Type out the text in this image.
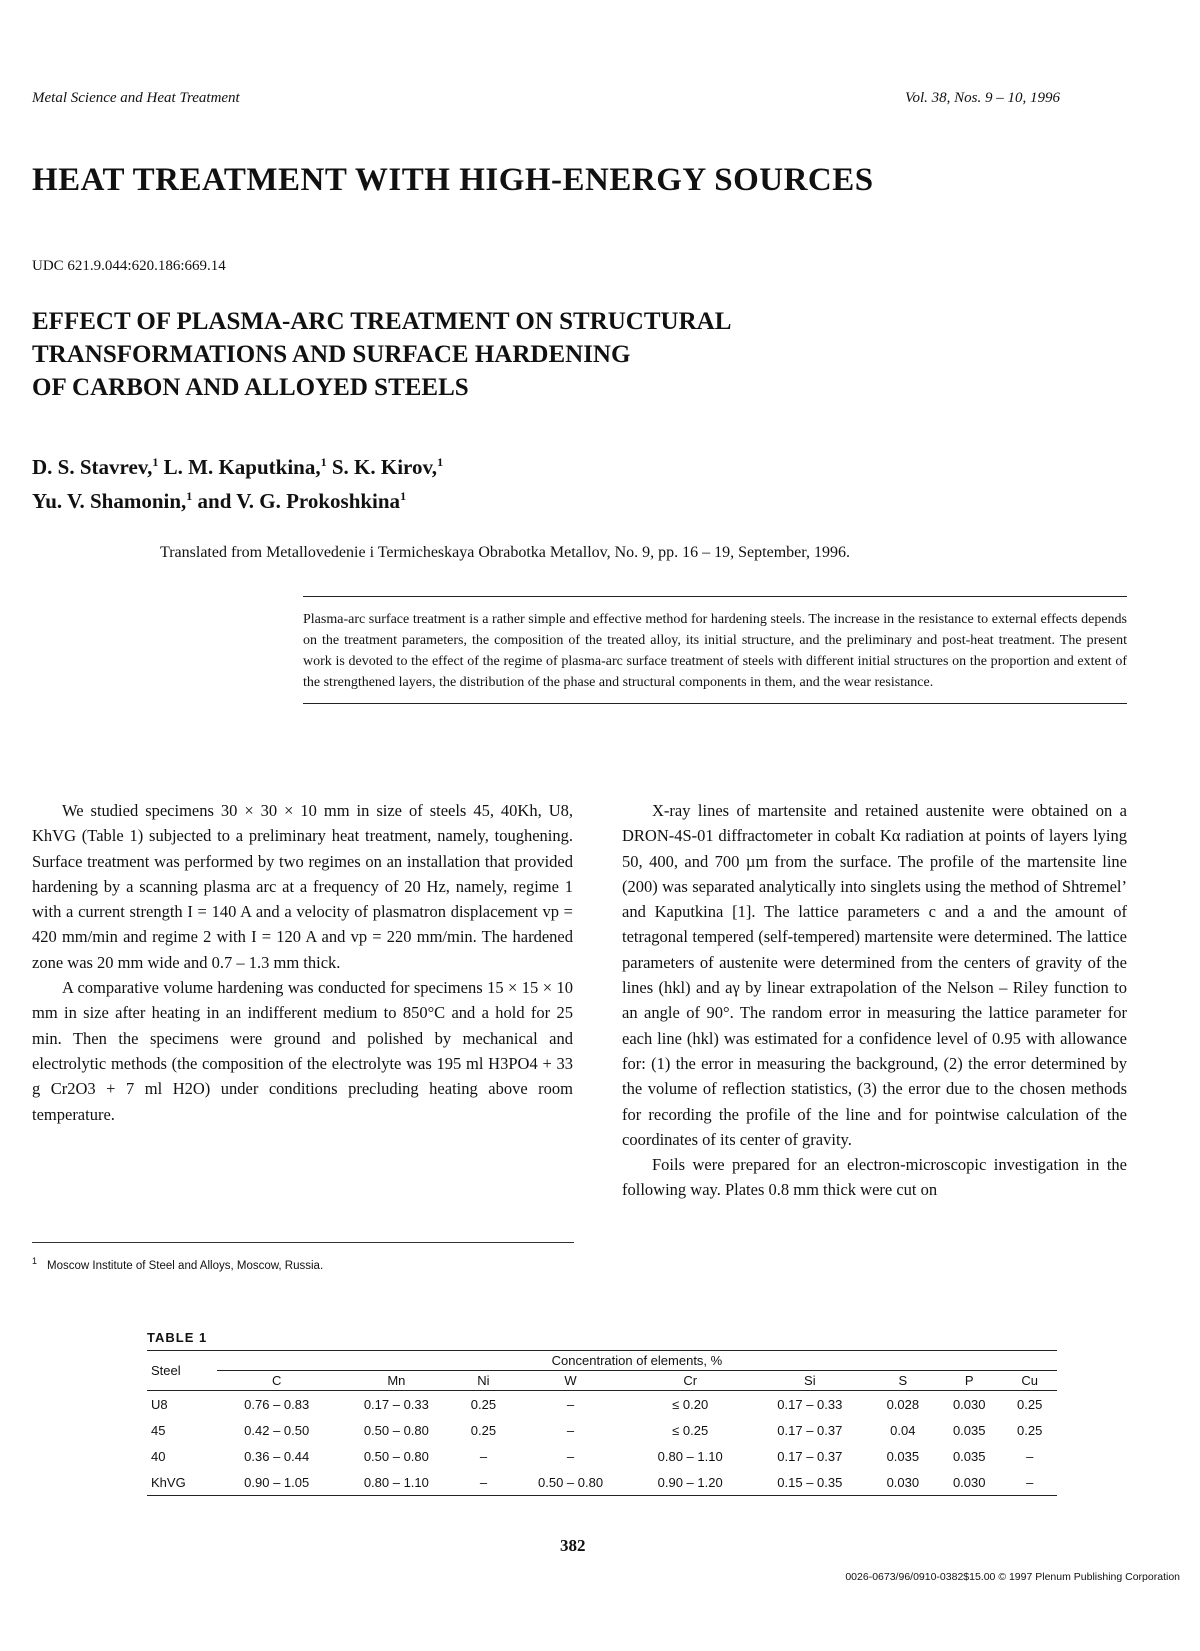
Metal Science and Heat Treatment	Vol. 38, Nos. 9 – 10, 1996
HEAT TREATMENT WITH HIGH-ENERGY SOURCES
UDC 621.9.044:620.186:669.14
EFFECT OF PLASMA-ARC TREATMENT ON STRUCTURAL
TRANSFORMATIONS AND SURFACE HARDENING
OF CARBON AND ALLOYED STEELS
D. S. Stavrev,$^1$ L. M. Kaputkina,$^1$ S. K. Kirov,$^1$
Yu. V. Shamonin,$^1$ and V. G. Prokoshkina$^1$
Translated from Metallovedenie i Termicheskaya Obrabotka Metallov, No. 9, pp. 16 – 19, September, 1996.
Plasma-arc surface treatment is a rather simple and effective method for hardening steels. The increase in the resistance to external effects depends on the treatment parameters, the composition of the treated alloy, its initial structure, and the preliminary and post-heat treatment. The present work is devoted to the effect of the regime of plasma-arc surface treatment of steels with different initial structures on the proportion and extent of the strengthened layers, the distribution of the phase and structural components in them, and the wear resistance.

We studied specimens 30 × 30 × 10 mm in size of steels 45, 40Kh, U8, KhVG (Table 1) subjected to a preliminary heat treatment, namely, toughening. Surface treatment was performed by two regimes on an installation that provided hardening by a scanning plasma arc at a frequency of 20 Hz, namely, regime 1 with a current strength I = 140 A and a velocity of plasmatron displacement vp = 420 mm/min and regime 2 with I = 120 A and vp = 220 mm/min. The hardened zone was 20 mm wide and 0.7 – 1.3 mm thick.

A comparative volume hardening was conducted for specimens 15 × 15 × 10 mm in size after heating in an indifferent medium to 850°C and a hold for 25 min. Then the specimens were ground and polished by mechanical and electrolytic methods (the composition of the electrolyte was 195 ml H3PO4 + 33 g Cr2O3 + 7 ml H2O) under conditions precluding heating above room temperature.

X-ray lines of martensite and retained austenite were obtained on a DRON-4S-01 diffractometer in cobalt Kα radiation at points of layers lying 50, 400, and 700 µm from the surface. The profile of the martensite line (200) was separated analytically into singlets using the method of Shtremel’ and Kaputkina [1]. The lattice parameters c and a and the amount of tetragonal tempered (self-tempered) martensite were determined. The lattice parameters of austenite were determined from the centers of gravity of the lines (hkl) and aγ by linear extrapolation of the Nelson – Riley function to an angle of 90°. The random error in measuring the lattice parameter for each line (hkl) was estimated for a confidence level of 0.95 with allowance for: (1) the error in measuring the background, (2) the error determined by the volume of reflection statistics, (3) the error due to the chosen methods for recording the profile of the line and for pointwise calculation of the coordinates of its center of gravity.

Foils were prepared for an electron-microscopic investigation in the following way. Plates 0.8 mm thick were cut on

$^1$ Moscow Institute of Steel and Alloys, Moscow, Russia.
TABLE 1
Steel	Concentration of elements, %								
	C	Mn	Ni	W	Cr	Si	S	P	Cu
U8	0.76 – 0.83	0.17 – 0.33	0.25	–	≤ 0.20	0.17 – 0.33	0.028	0.030	0.25
45	0.42 – 0.50	0.50 – 0.80	0.25	–	≤ 0.25	0.17 – 0.37	0.04	0.035	0.25
40	0.36 – 0.44	0.50 – 0.80	–	–	0.80 – 1.10	0.17 – 0.37	0.035	0.035	–
KhVG	0.90 – 1.05	0.80 – 1.10	–	0.50 – 0.80	0.90 – 1.20	0.15 – 0.35	0.030	0.030	–
382
0026-0673/96/0910-0382$15.00 © 1997 Plenum Publishing Corporation
